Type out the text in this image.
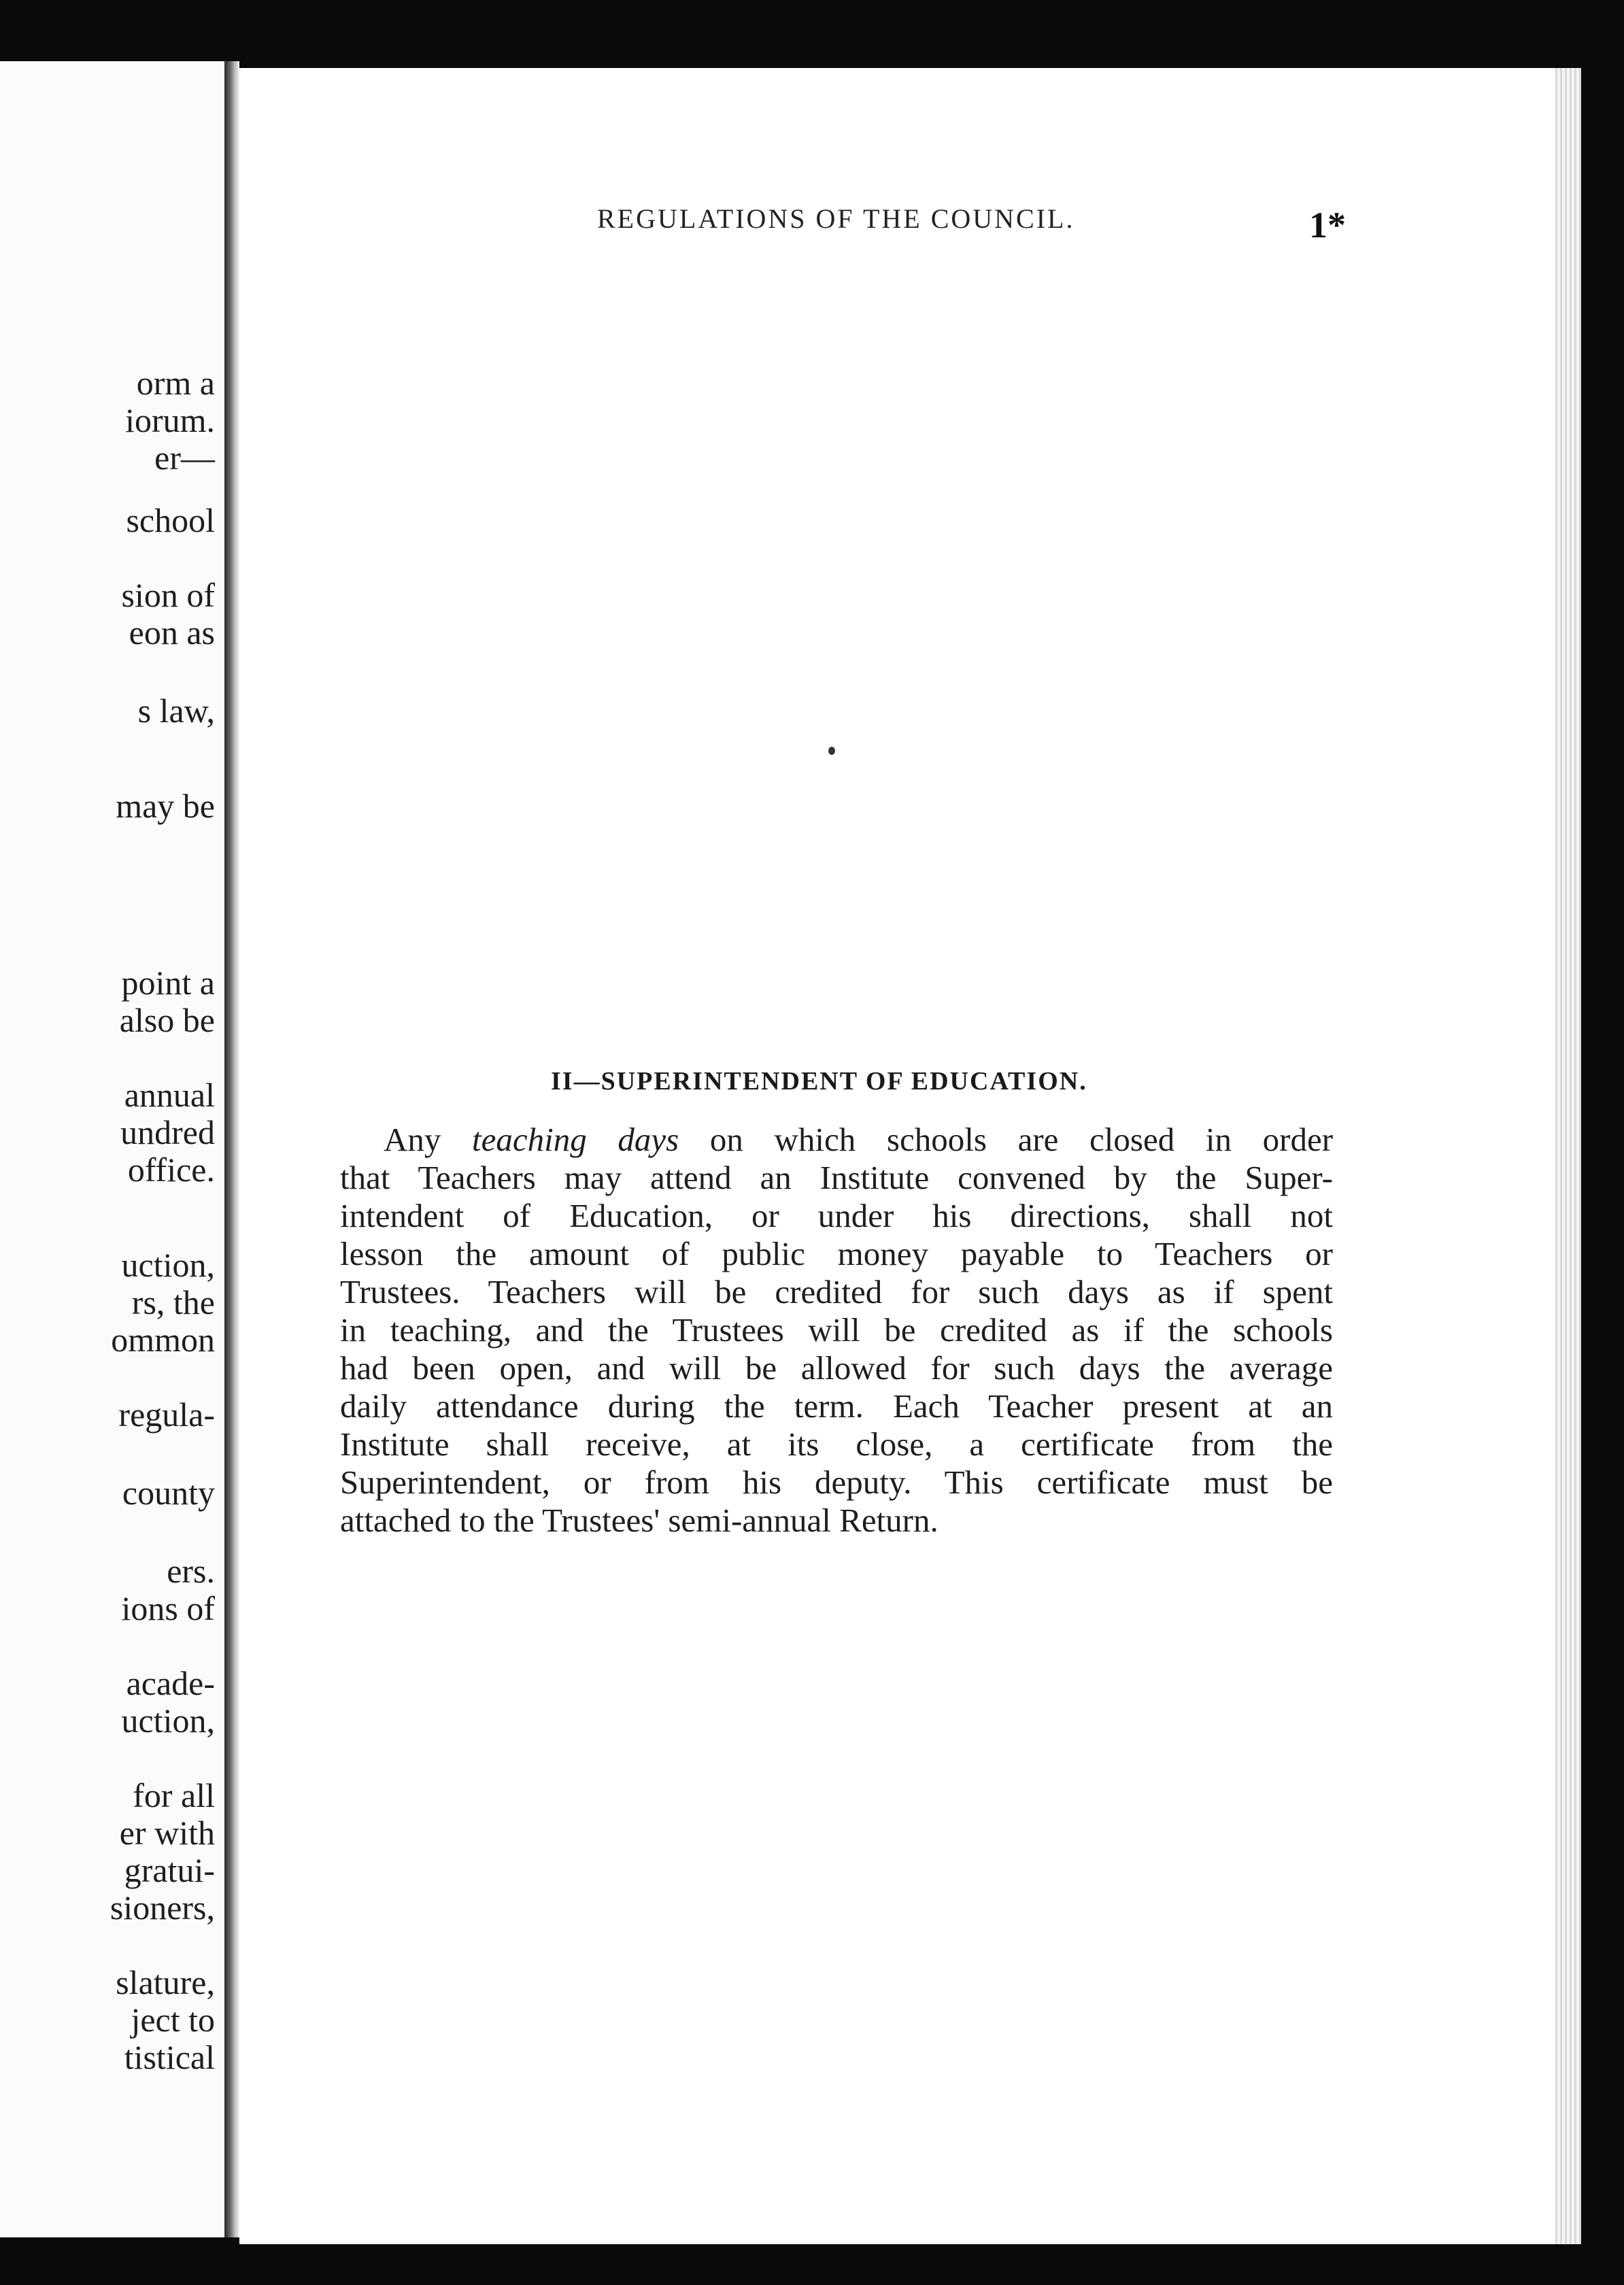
orm a
iorum.
er—
school
sion of
eon as
s law,
may be
point a
also be
annual
undred
office.
uction,
rs, the
ommon
regula-
county
ers.
ions of
acade-
uction,
for all
er with
gratui-
sioners,
slature,
ject to
tistical
REGULATIONS OF THE COUNCIL.	1*
II—SUPERINTENDENT OF EDUCATION.
Any teaching days on which schools are closed in order
that Teachers may attend an Institute convened by the Super-
intendent of Education, or under his directions, shall not
lesson the amount of public money payable to Teachers or
Trustees. Teachers will be credited for such days as if spent
in teaching, and the Trustees will be credited as if the schools
had been open, and will be allowed for such days the average
daily attendance during the term. Each Teacher present at an
Institute shall receive, at its close, a certificate from the
Superintendent, or from his deputy. This certificate must be
attached to the Trustees' semi-annual Return.
